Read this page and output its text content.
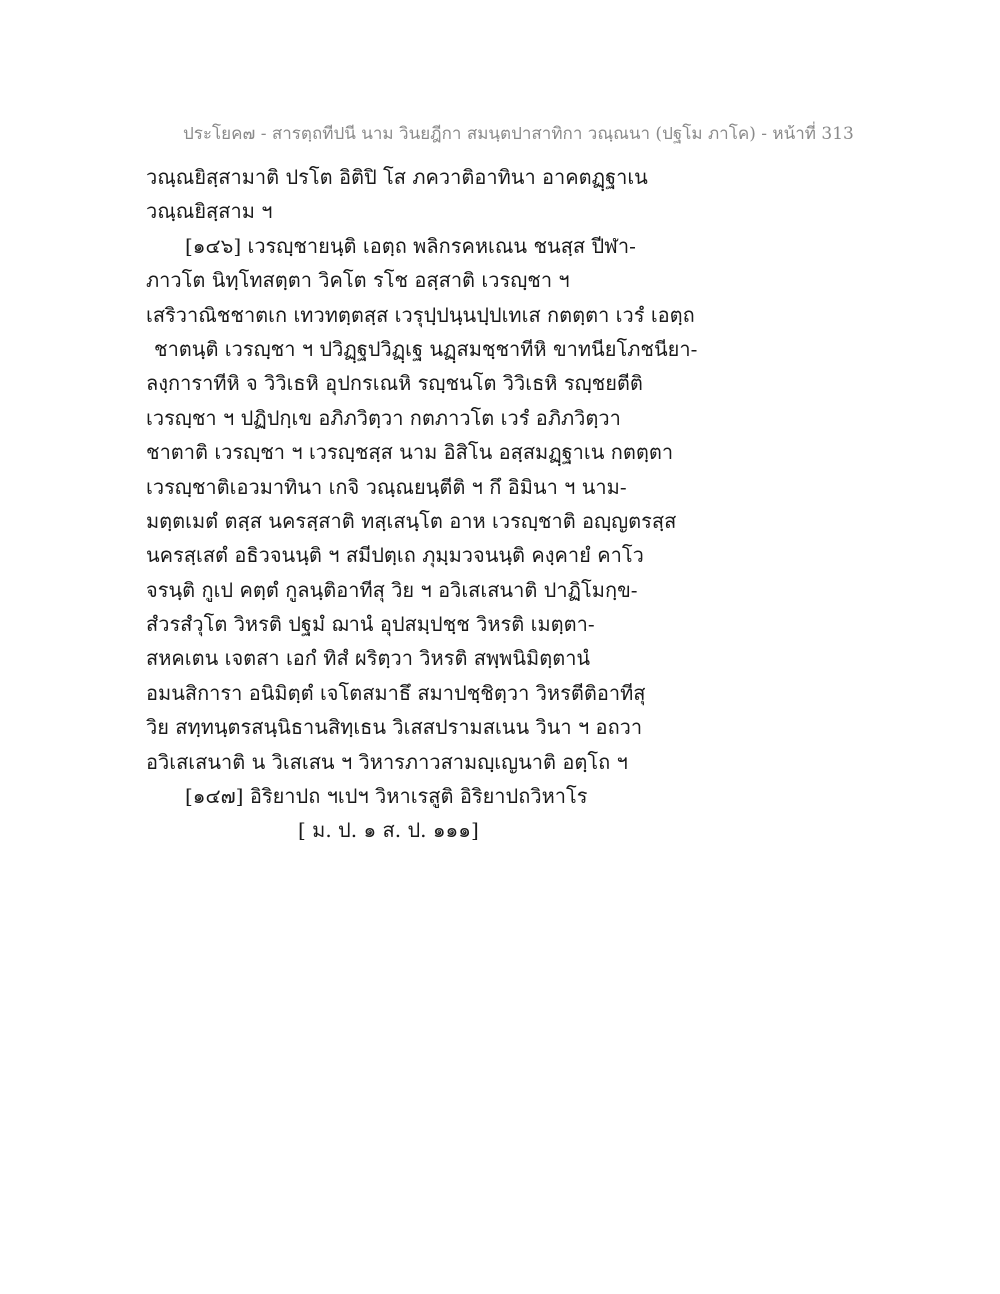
ประโยค๗ - สารตฺถทีปนี นาม วินยฎีกา สมนฺตปาสาทิกา วณฺณนา (ปฐโม ภาโค) - หน้าที่ 313
วณฺณยิสฺสามาติ ปรโต อิติปิ โส ภควาติอาทินา อาคตฏฺฐาเน
วณฺณยิสฺสาม ฯ
[๑๔๖] เวรญฺชายนฺติ เอตฺถ พลิกรคหเณน ชนสฺส ปีฬา-
ภาวโต นิทฺโทสตฺตา วิคโต รโช อสฺสาติ เวรญฺชา ฯ
เสริวาณิชชาตเก เทวทตฺตสฺส เวรุปฺปนฺนปฺปเทเส กตตฺตา เวรํ เอตฺถ
ชาตนฺติ เวรญฺชา ฯ ปวิฏฺฐปวิฏฺเฐ นฏฺสมชฺชาทีหิ ขาทนียโภชนียา-
ลงฺการาทีหิ จ วิวิเธหิ อุปกรเณหิ รญฺชนโต วิวิเธหิ รญฺชยตีติ
เวรญฺชา ฯ ปฏิปกฺเข อภิภวิตฺวา กตภาวโต เวรํ อภิภวิตฺวา
ชาตาติ เวรญฺชา ฯ เวรญฺชสฺส นาม อิสิโน อสฺสมฏฺฐาเน กตตฺตา
เวรญฺชาติเอวมาทินา เกจิ วณฺณยนฺตีติ ฯ กึ อิมินา ฯ นาม-
มตฺตเมตํ ตสฺส นครสฺสาติ ทสฺเสนฺโต อาห เวรญฺชาติ อญฺญตรสฺส
นครสฺเสตํ อธิวจนนฺติ ฯ สมีปตฺเถ ภุมฺมวจนนฺติ คงฺคายํ คาโว
จรนฺติ กูเป คตฺตํ กูลนฺติอาทีสุ วิย ฯ อวิเสเสนาติ ปาฏิโมกฺข-
สํวรสํวุโต วิหรติ ปฐมํ ฌานํ อุปสมฺปชฺช วิหรติ เมตฺตา-
สหคเตน เจตสา เอกํ ทิสํ ผริตฺวา วิหรติ สพฺพนิมิตฺตานํ
อมนสิการา อนิมิตฺตํ เจโตสมาธึ สมาปชฺชิตฺวา วิหรตีติอาทีสุ
วิย สทฺทนฺตรสนฺนิธานสิทฺเธน วิเสสปรามสเนน วินา ฯ อถวา
อวิเสเสนาติ น วิเสเสน ฯ วิหารภาวสามญฺเญนาติ อตฺโถ ฯ
[๑๔๗] อิริยาปถ ฯเปฯ วิหาเรสูติ อิริยาปถวิหาโร
[ ม. ป. ๑ ส. ป. ๑๑๑]
